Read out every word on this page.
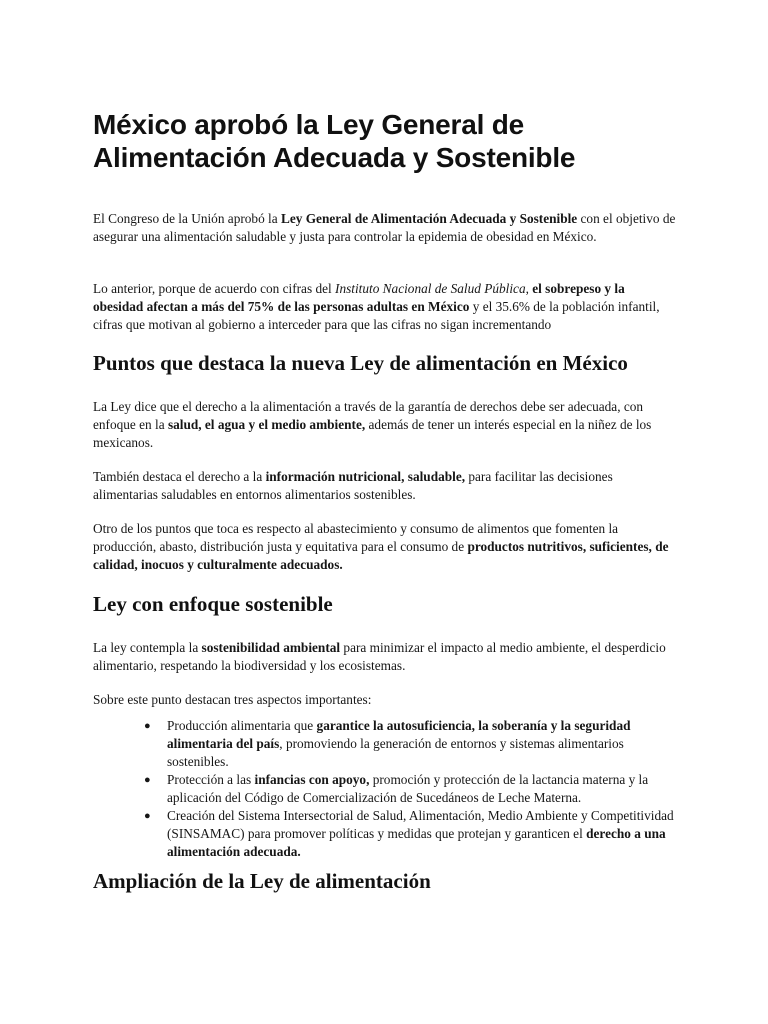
México aprobó la Ley General de Alimentación Adecuada y Sostenible

El Congreso de la Unión aprobó la Ley General de Alimentación Adecuada y Sostenible con el objetivo de asegurar una alimentación saludable y justa para controlar la epidemia de obesidad en México.

Lo anterior, porque de acuerdo con cifras del Instituto Nacional de Salud Pública, el sobrepeso y la obesidad afectan a más del 75% de las personas adultas en México y el 35.6% de la población infantil, cifras que motivan al gobierno a interceder para que las cifras no sigan incrementando

Puntos que destaca la nueva Ley de alimentación en México

La Ley dice que el derecho a la alimentación a través de la garantía de derechos debe ser adecuada, con enfoque en la salud, el agua y el medio ambiente, además de tener un interés especial en la niñez de los mexicanos.

También destaca el derecho a la información nutricional, saludable, para facilitar las decisiones alimentarias saludables en entornos alimentarios sostenibles.

Otro de los puntos que toca es respecto al abastecimiento y consumo de alimentos que fomenten la producción, abasto, distribución justa y equitativa para el consumo de productos nutritivos, suficientes, de calidad, inocuos y culturalmente adecuados.

Ley con enfoque sostenible

La ley contempla la sostenibilidad ambiental para minimizar el impacto al medio ambiente, el desperdicio alimentario, respetando la biodiversidad y los ecosistemas.

Sobre este punto destacan tres aspectos importantes:

● Producción alimentaria que garantice la autosuficiencia, la soberanía y la seguridad alimentaria del país, promoviendo la generación de entornos y sistemas alimentarios sostenibles.
● Protección a las infancias con apoyo, promoción y protección de la lactancia materna y la aplicación del Código de Comercialización de Sucedáneos de Leche Materna.
● Creación del Sistema Intersectorial de Salud, Alimentación, Medio Ambiente y Competitividad (SINSAMAC) para promover políticas y medidas que protejan y garanticen el derecho a una alimentación adecuada.
Ampliación de la Ley de alimentación
